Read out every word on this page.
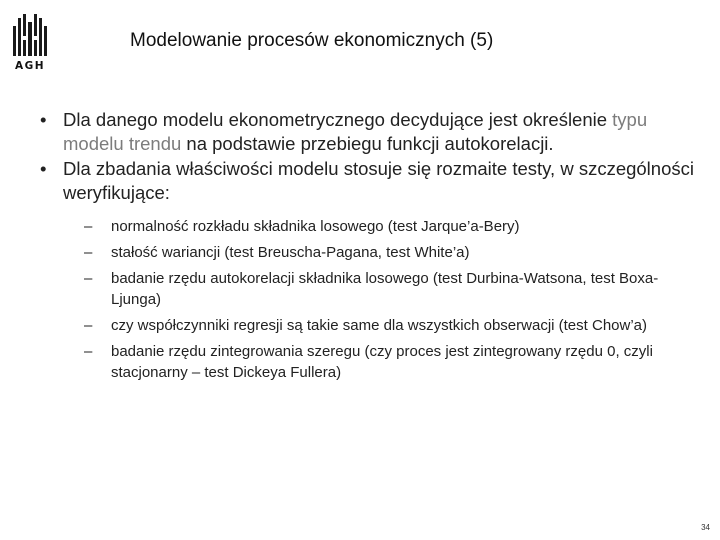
AGH
Modelowanie procesów ekonomicznych (5)
• Dla danego modelu ekonometrycznego decydujące jest określenie typu modelu trendu na podstawie przebiegu funkcji autokorelacji.
• Dla zbadania właściwości modelu stosuje się rozmaite testy, w szczególności weryfikujące:
– normalność rozkładu składnika losowego (test Jarque’a-Bery)
– stałość wariancji (test Breuscha-Pagana, test White’a)
– badanie rzędu autokorelacji składnika losowego (test Durbina-Watsona, test Boxa-Ljunga)
– czy współczynniki regresji są takie same dla wszystkich obserwacji (test Chow’a)
– badanie rzędu zintegrowania szeregu (czy proces jest zintegrowany rzędu 0, czyli stacjonarny – test Dickeya Fullera)
34
